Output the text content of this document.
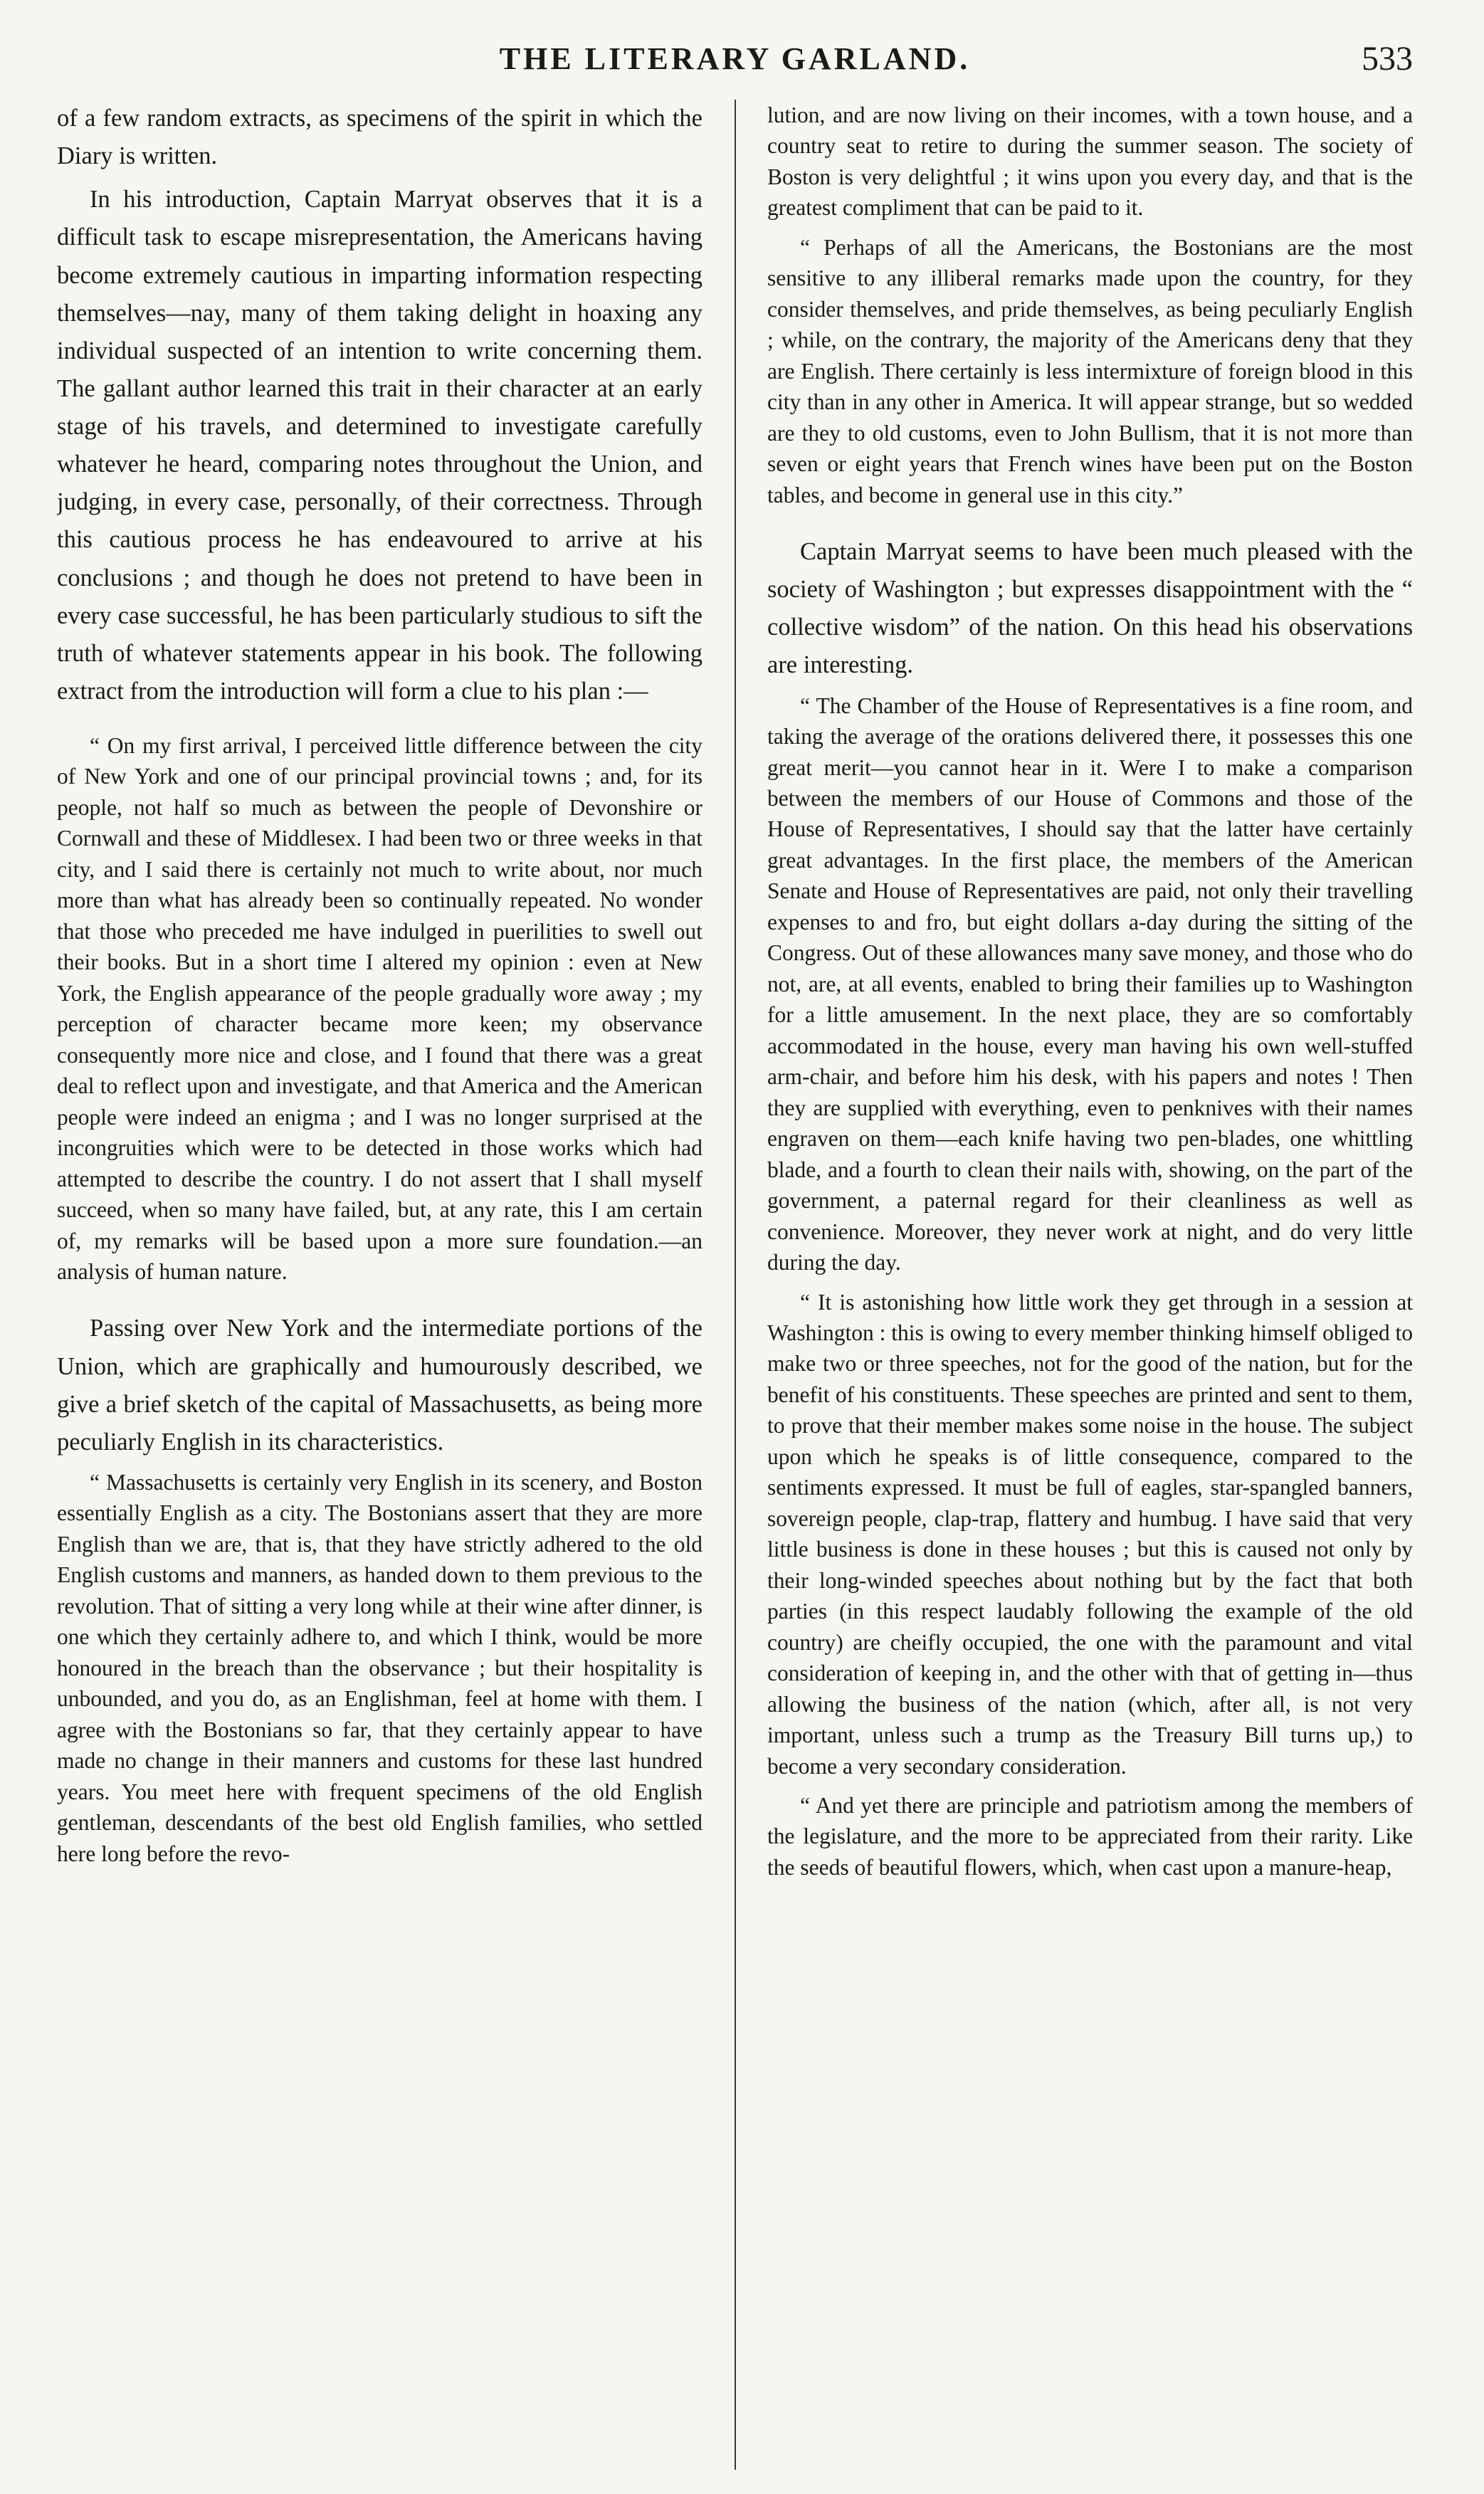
THE LITERARY GARLAND.	533

of a few random extracts, as specimens of the spirit in which the Diary is written.

In his introduction, Captain Marryat observes that it is a difficult task to escape misrepresentation, the Americans having become extremely cautious in imparting information respecting themselves—nay, many of them taking delight in hoaxing any individual suspected of an intention to write concerning them. The gallant author learned this trait in their character at an early stage of his travels, and determined to investigate carefully whatever he heard, comparing notes throughout the Union, and judging, in every case, personally, of their correctness. Through this cautious process he has endeavoured to arrive at his conclusions ; and though he does not pretend to have been in every case successful, he has been particularly studious to sift the truth of whatever statements appear in his book. The following extract from the introduction will form a clue to his plan :—

“ On my first arrival, I perceived little difference between the city of New York and one of our principal provincial towns ; and, for its people, not half so much as between the people of Devonshire or Cornwall and these of Middlesex. I had been two or three weeks in that city, and I said there is certainly not much to write about, nor much more than what has already been so continually repeated. No wonder that those who preceded me have indulged in puerilities to swell out their books. But in a short time I altered my opinion : even at New York, the English appearance of the people gradually wore away ; my perception of character became more keen; my observance consequently more nice and close, and I found that there was a great deal to reflect upon and investigate, and that America and the American people were indeed an enigma ; and I was no longer surprised at the incongruities which were to be detected in those works which had attempted to describe the country. I do not assert that I shall myself succeed, when so many have failed, but, at any rate, this I am certain of, my remarks will be based upon a more sure foundation.—an analysis of human nature.

Passing over New York and the intermediate portions of the Union, which are graphically and humourously described, we give a brief sketch of the capital of Massachusetts, as being more peculiarly English in its characteristics.

“ Massachusetts is certainly very English in its scenery, and Boston essentially English as a city. The Bostonians assert that they are more English than we are, that is, that they have strictly adhered to the old English customs and manners, as handed down to them previous to the revolution. That of sitting a very long while at their wine after dinner, is one which they certainly adhere to, and which I think, would be more honoured in the breach than the observance ; but their hospitality is unbounded, and you do, as an Englishman, feel at home with them. I agree with the Bostonians so far, that they certainly appear to have made no change in their manners and customs for these last hundred years. You meet here with frequent specimens of the old English gentleman, descendants of the best old English families, who settled here long before the revo-

lution, and are now living on their incomes, with a town house, and a country seat to retire to during the summer season. The society of Boston is very delightful ; it wins upon you every day, and that is the greatest compliment that can be paid to it.

“ Perhaps of all the Americans, the Bostonians are the most sensitive to any illiberal remarks made upon the country, for they consider themselves, and pride themselves, as being peculiarly English ; while, on the contrary, the majority of the Americans deny that they are English. There certainly is less intermixture of foreign blood in this city than in any other in America. It will appear strange, but so wedded are they to old customs, even to John Bullism, that it is not more than seven or eight years that French wines have been put on the Boston tables, and become in general use in this city.”

Captain Marryat seems to have been much pleased with the society of Washington ; but expresses disappointment with the “ collective wisdom” of the nation. On this head his observations are interesting.

“ The Chamber of the House of Representatives is a fine room, and taking the average of the orations delivered there, it possesses this one great merit—you cannot hear in it. Were I to make a comparison between the members of our House of Commons and those of the House of Representatives, I should say that the latter have certainly great advantages. In the first place, the members of the American Senate and House of Representatives are paid, not only their travelling expenses to and fro, but eight dollars a-day during the sitting of the Congress. Out of these allowances many save money, and those who do not, are, at all events, enabled to bring their families up to Washington for a little amusement. In the next place, they are so comfortably accommodated in the house, every man having his own well-stuffed arm-chair, and before him his desk, with his papers and notes ! Then they are supplied with everything, even to penknives with their names engraven on them—each knife having two pen-blades, one whittling blade, and a fourth to clean their nails with, showing, on the part of the government, a paternal regard for their cleanliness as well as convenience. Moreover, they never work at night, and do very little during the day.

“ It is astonishing how little work they get through in a session at Washington : this is owing to every member thinking himself obliged to make two or three speeches, not for the good of the nation, but for the benefit of his constituents. These speeches are printed and sent to them, to prove that their member makes some noise in the house. The subject upon which he speaks is of little consequence, compared to the sentiments expressed. It must be full of eagles, star-spangled banners, sovereign people, clap-trap, flattery and humbug. I have said that very little business is done in these houses ; but this is caused not only by their long-winded speeches about nothing but by the fact that both parties (in this respect laudably following the example of the old country) are cheifly occupied, the one with the paramount and vital consideration of keeping in, and the other with that of getting in—thus allowing the business of the nation (which, after all, is not very important, unless such a trump as the Treasury Bill turns up,) to become a very secondary consideration.

“ And yet there are principle and patriotism among the members of the legislature, and the more to be appreciated from their rarity. Like the seeds of beautiful flowers, which, when cast upon a manure-heap,
